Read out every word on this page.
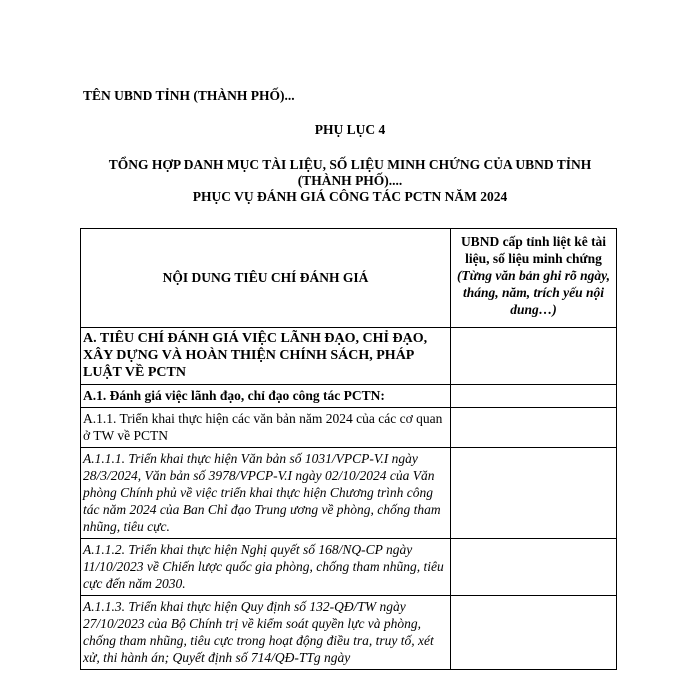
TÊN UBND TỈNH (THÀNH PHỐ)...
PHỤ LỤC 4
TỔNG HỢP DANH MỤC TÀI LIỆU, SỐ LIỆU MINH CHỨNG CỦA UBND TỈNH
(THÀNH PHỐ)....
PHỤC VỤ ĐÁNH GIÁ CÔNG TÁC PCTN NĂM 2024
NỘI DUNG TIÊU CHÍ ĐÁNH GIÁ	UBND cấp tỉnh liệt kê tài liệu, số liệu minh chứng
(Từng văn bản ghi rõ ngày, tháng, năm, trích yếu nội dung…)

A. TIÊU CHÍ ĐÁNH GIÁ VIỆC LÃNH ĐẠO, CHỈ ĐẠO, XÂY DỰNG VÀ HOÀN THIỆN CHÍNH SÁCH, PHÁP LUẬT VỀ PCTN	
A.1. Đánh giá việc lãnh đạo, chỉ đạo công tác PCTN:	
A.1.1. Triển khai thực hiện các văn bản năm 2024 của các cơ quan ở TW về PCTN	
A.1.1.1. Triển khai thực hiện Văn bản số 1031/VPCP-V.I ngày 28/3/2024, Văn bản số 3978/VPCP-V.I ngày 02/10/2024 của Văn phòng Chính phủ về việc triển khai thực hiện Chương trình công tác năm 2024 của Ban Chỉ đạo Trung ương về phòng, chống tham nhũng, tiêu cực.	
A.1.1.2. Triển khai thực hiện Nghị quyết số 168/NQ-CP ngày 11/10/2023 về Chiến lược quốc gia phòng, chống tham nhũng, tiêu cực đến năm 2030.	
A.1.1.3. Triển khai thực hiện Quy định số 132-QĐ/TW ngày 27/10/2023 của Bộ Chính trị về kiểm soát quyền lực và phòng, chống tham nhũng, tiêu cực trong hoạt động điều tra, truy tố, xét xử, thi hành án; Quyết định số 714/QĐ-TTg ngày	
